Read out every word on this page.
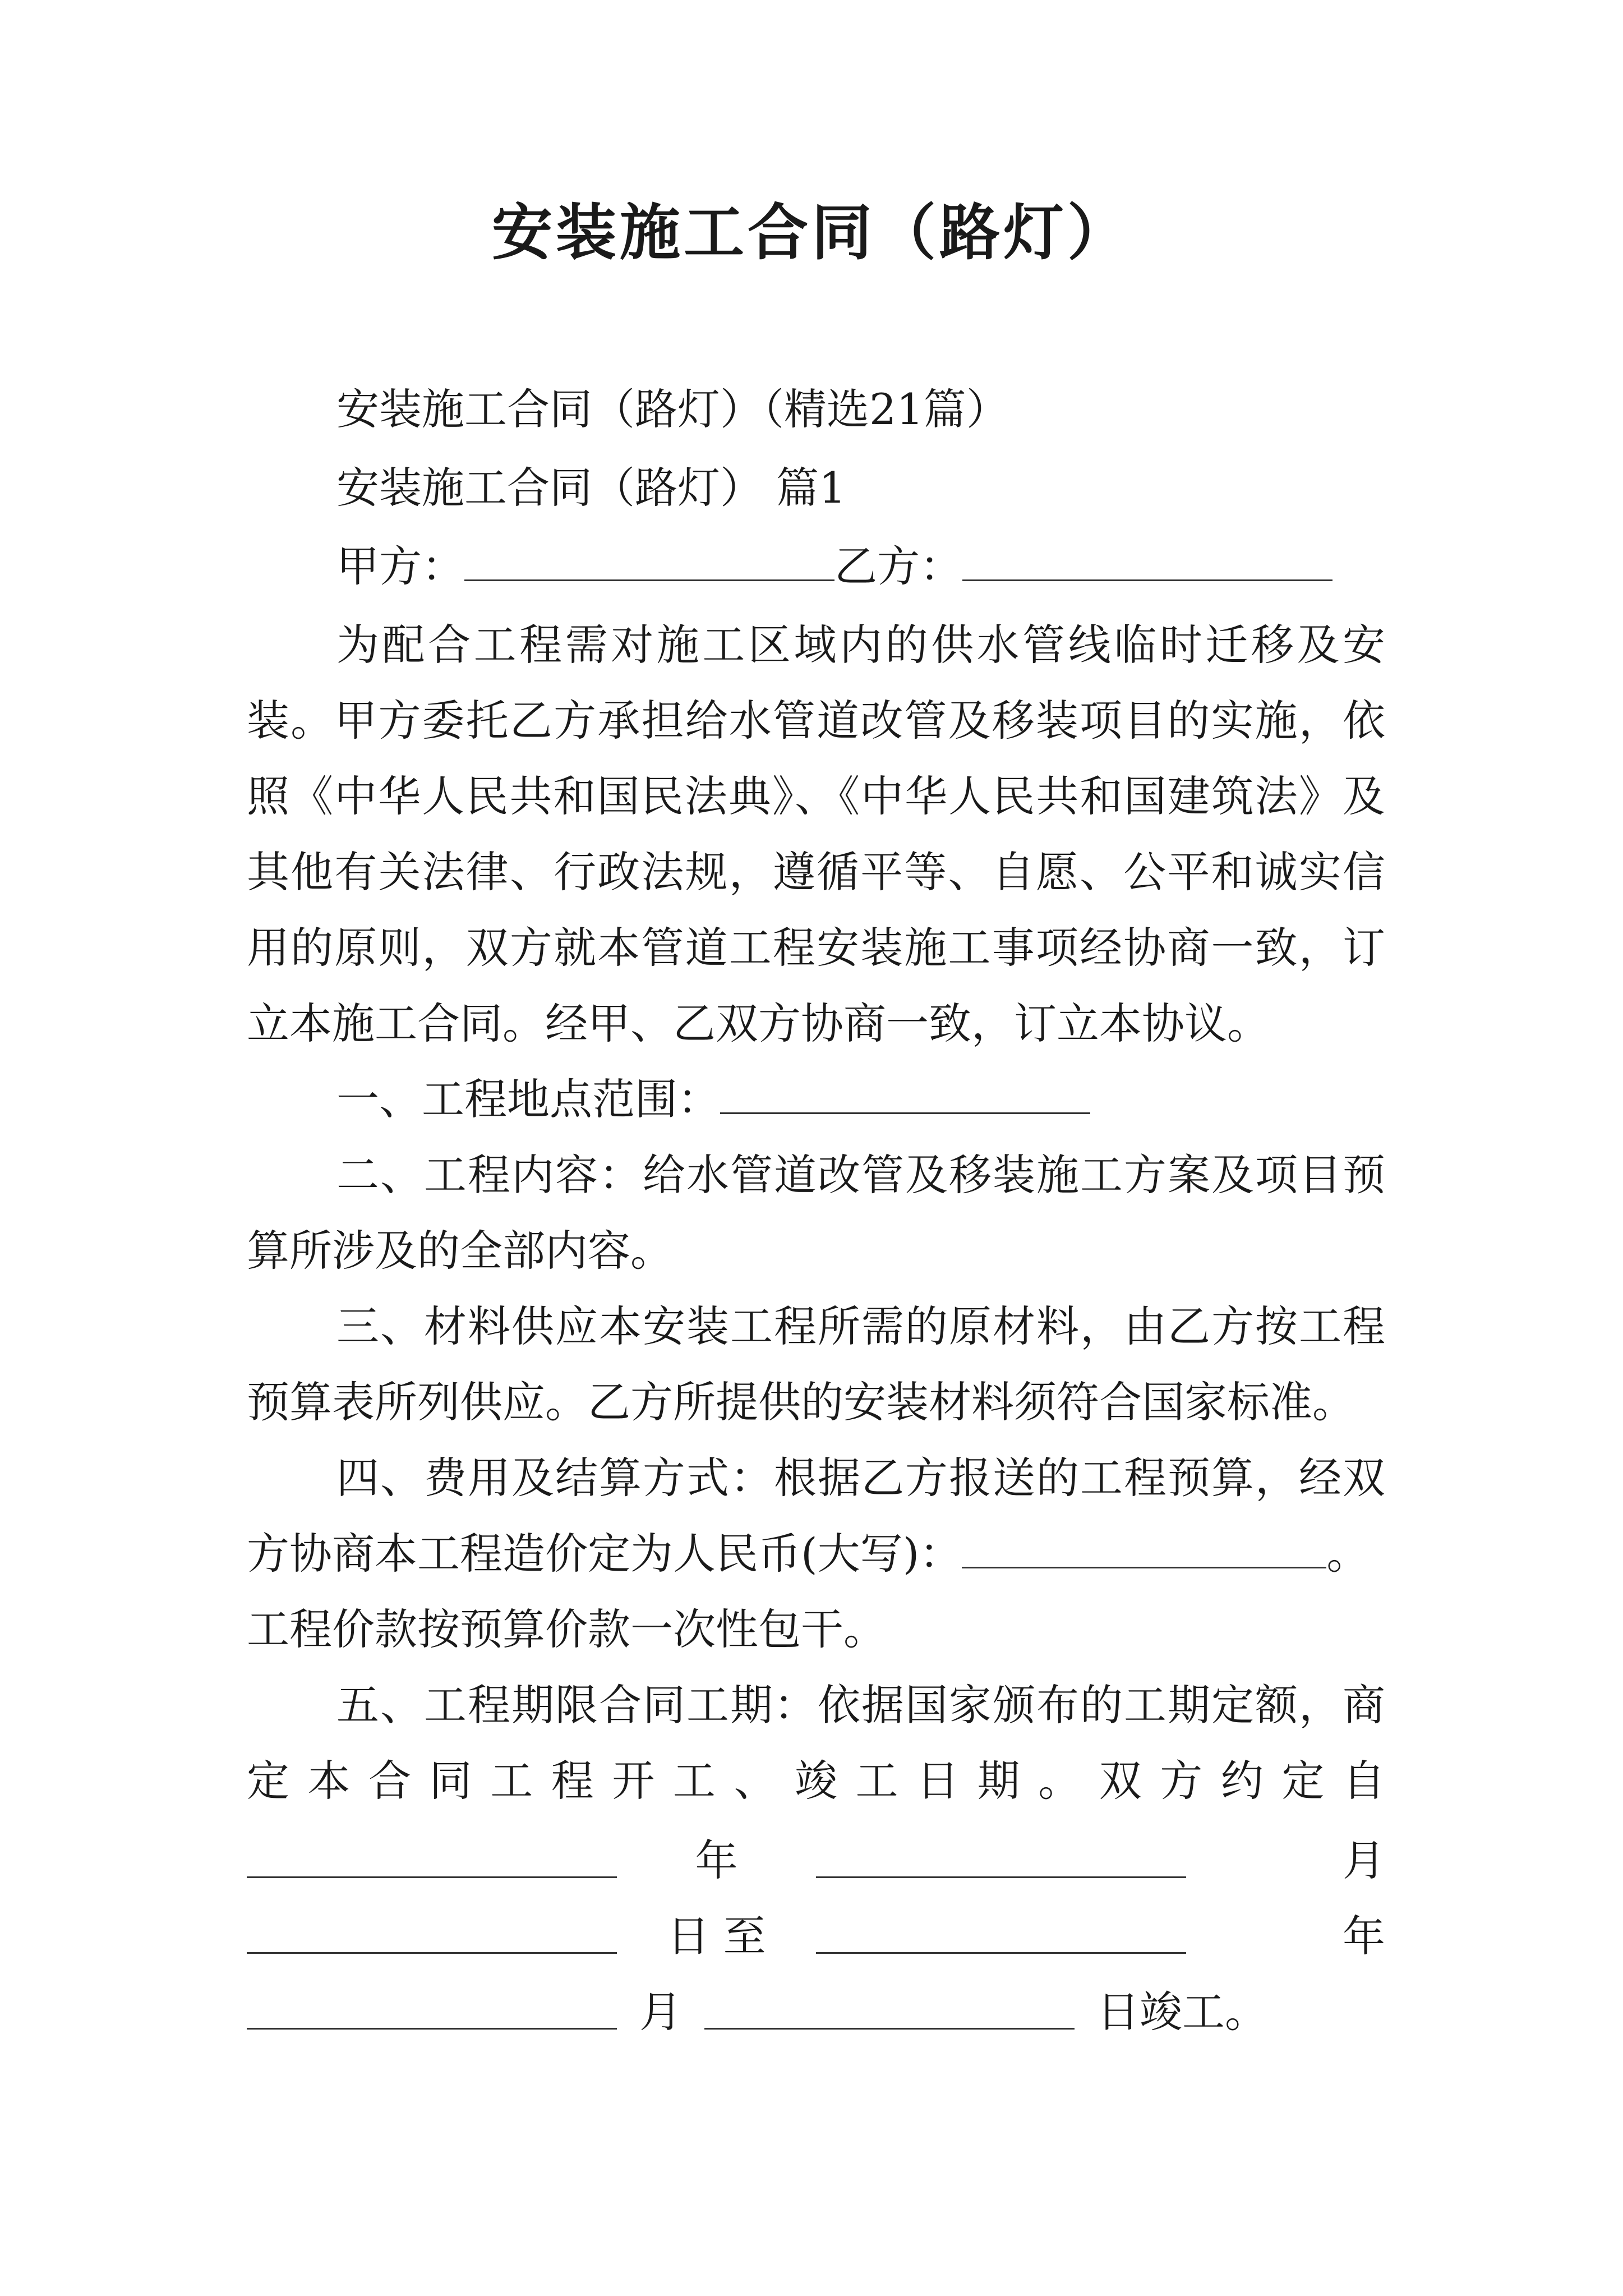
安装施工合同（路灯）
安装施工合同（路灯）（精选21篇）
安装施工合同（路灯） 篇1
甲方：	乙方：
为配合工程需对施工区域内的供水管线临时迁移及安
装。甲方委托乙方承担给水管道改管及移装项目的实施，依
照《中华人民共和国民法典》、《中华人民共和国建筑法》及
其他有关法律、行政法规，遵循平等、自愿、公平和诚实信
用的原则，双方就本管道工程安装施工事项经协商一致，订
立本施工合同。经甲、乙双方协商一致，订立本协议。
一、工程地点范围：
二、工程内容：给水管道改管及移装施工方案及项目预
算所涉及的全部内容。
三、材料供应本安装工程所需的原材料，由乙方按工程
预算表所列供应。乙方所提供的安装材料须符合国家标准。
四、费用及结算方式：根据乙方报送的工程预算，经双
方协商本工程造价定为人民币(大写)：	。
工程价款按预算价款一次性包干。
五、工程期限合同工期：依据国家颁布的工期定额，商
定本合同工程开工、竣工日期。双方约定自
年	月
日 至	年
月	日竣工。
